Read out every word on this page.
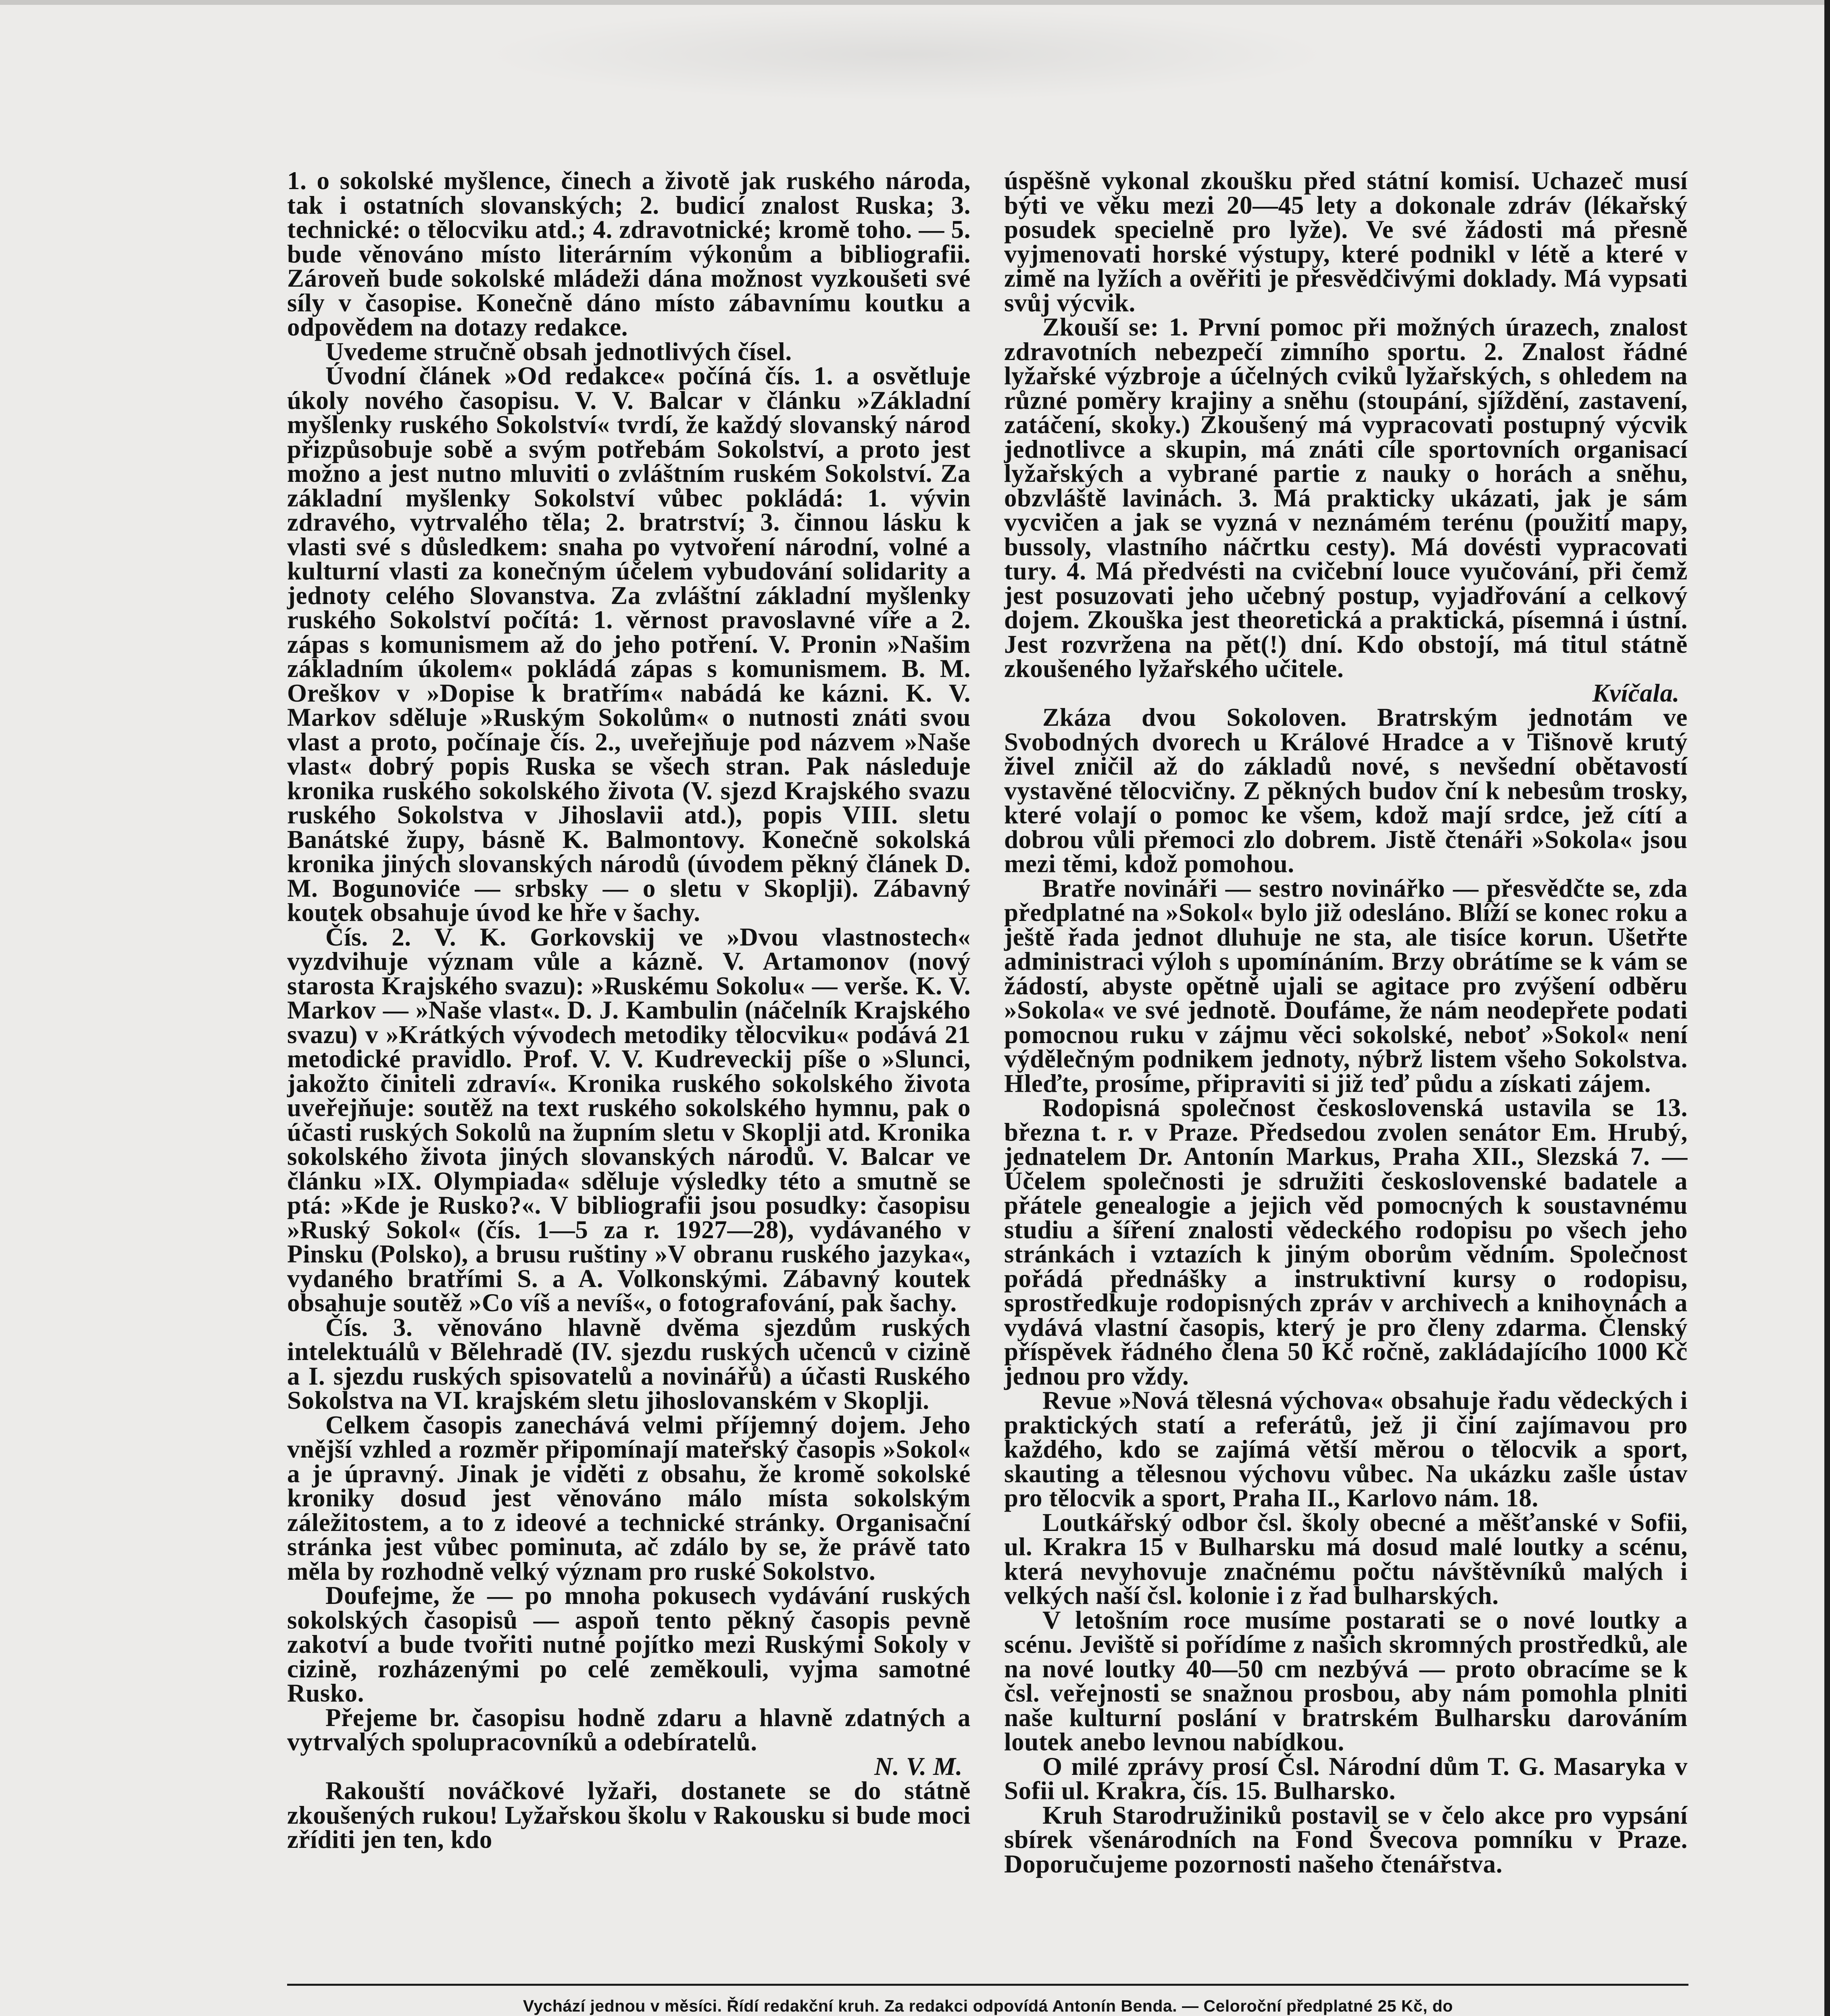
1. o sokolské myšlence, činech a životě jak ruského národa, tak i ostatních slovanských; 2. budicí znalost Ruska; 3. technické: o tělocviku atd.; 4. zdravotnické; kromě toho. — 5. bude věnováno místo literárním výkonům a bibliografii. Zároveň bude sokolské mládeži dána možnost vyzkoušeti své síly v časopise. Konečně dáno místo zábavnímu koutku a odpovědem na dotazy redakce.

Uvedeme stručně obsah jednotlivých čísel.

Úvodní článek »Od redakce« počíná čís. 1. a osvětluje úkoly nového časopisu. V. V. Balcar v článku »Základní myšlenky ruského Sokolství« tvrdí, že každý slovanský národ přizpůsobuje sobě a svým potřebám Sokolství, a proto jest možno a jest nutno mluviti o zvláštním ruském Sokolství. Za základní myšlenky Sokolství vůbec pokládá: 1. vývin zdravého, vytrvalého těla; 2. bratrství; 3. činnou lásku k vlasti své s důsledkem: snaha po vytvoření národní, volné a kulturní vlasti za konečným účelem vybudování solidarity a jednoty celého Slovanstva. Za zvláštní základní myšlenky ruského Sokolství počítá: 1. věrnost pravoslavné víře a 2. zápas s komunismem až do jeho potření. V. Pronin »Našim základním úkolem« pokládá zápas s komunismem. B. M. Oreškov v »Dopise k bratřím« nabádá ke kázni. K. V. Markov sděluje »Ruským Sokolům« o nutnosti znáti svou vlast a proto, počínaje čís. 2., uveřejňuje pod názvem »Naše vlast« dobrý popis Ruska se všech stran. Pak následuje kronika ruského sokolského života (V. sjezd Krajského svazu ruského Sokolstva v Jihoslavii atd.), popis VIII. sletu Banátské župy, básně K. Balmontovy. Konečně sokolská kronika jiných slovanských národů (úvodem pěkný článek D. M. Bogunoviće — srbsky — o sletu v Skoplji). Zábavný koutek obsahuje úvod ke hře v šachy.

Čís. 2. V. K. Gorkovskij ve »Dvou vlastnostech« vyzdvihuje význam vůle a kázně. V. Artamonov (nový starosta Krajského svazu): »Ruskému Sokolu« — verše. K. V. Markov — »Naše vlast«. D. J. Kambulin (náčelník Krajského svazu) v »Krátkých vývodech metodiky tělocviku« podává 21 metodické pravidlo. Prof. V. V. Kudreveckij píše o »Slunci, jakožto činiteli zdraví«. Kronika ruského sokolského života uveřejňuje: soutěž na text ruského sokolského hymnu, pak o účasti ruských Sokolů na župním sletu v Skoplji atd. Kronika sokolského života jiných slovanských národů. V. Balcar ve článku »IX. Olympiada« sděluje výsledky této a smutně se ptá: »Kde je Rusko?«. V bibliografii jsou posudky: časopisu »Ruský Sokol« (čís. 1—5 za r. 1927—28), vydávaného v Pinsku (Polsko), a brusu ruštiny »V obranu ruského jazyka«, vydaného bratřími S. a A. Volkonskými. Zábavný koutek obsahuje soutěž »Co víš a nevíš«, o fotografování, pak šachy.

Čís. 3. věnováno hlavně dvěma sjezdům ruských intelektuálů v Bělehradě (IV. sjezdu ruských učenců v cizině a I. sjezdu ruských spisovatelů a novinářů) a účasti Ruského Sokolstva na VI. krajském sletu jihoslovanském v Skoplji.

Celkem časopis zanechává velmi příjemný dojem. Jeho vnější vzhled a rozměr připomínají mateřský časopis »Sokol« a je úpravný. Jinak je viděti z obsahu, že kromě sokolské kroniky dosud jest věnováno málo místa sokolským záležitostem, a to z ideové a technické stránky. Organisační stránka jest vůbec pominuta, ač zdálo by se, že právě tato měla by rozhodně velký význam pro ruské Sokolstvo.

Doufejme, že — po mnoha pokusech vydávání ruských sokolských časopisů — aspoň tento pěkný časopis pevně zakotví a bude tvořiti nutné pojítko mezi Ruskými Sokoly v cizině, rozházenými po celé zeměkouli, vyjma samotné Rusko.

Přejeme br. časopisu hodně zdaru a hlavně zdatných a vytrvalých spolupracovníků a odebíratelů.

N. V. M.

Rakouští nováčkové lyžaři, dostanete se do státně zkoušených rukou! Lyžařskou školu v Rakousku si bude moci zříditi jen ten, kdo

úspěšně vykonal zkoušku před státní komisí. Uchazeč musí býti ve věku mezi 20—45 lety a dokonale zdráv (lékařský posudek specielně pro lyže). Ve své žádosti má přesně vyjmenovati horské výstupy, které podnikl v létě a které v zimě na lyžích a ověřiti je přesvědčivými doklady. Má vypsati svůj výcvik.

Zkouší se: 1. První pomoc při možných úrazech, znalost zdravotních nebezpečí zimního sportu. 2. Znalost řádné lyžařské výzbroje a účelných cviků lyžařských, s ohledem na různé poměry krajiny a sněhu (stoupání, sjíždění, zastavení, zatáčení, skoky.) Zkoušený má vypracovati postupný výcvik jednotlivce a skupin, má znáti cíle sportovních organisací lyžařských a vybrané partie z nauky o horách a sněhu, obzvláště lavinách. 3. Má prakticky ukázati, jak je sám vycvičen a jak se vyzná v neznámém terénu (použití mapy, bussoly, vlastního náčrtku cesty). Má dovésti vypracovati tury. 4. Má předvésti na cvičební louce vyučování, při čemž jest posuzovati jeho učebný postup, vyjadřování a celkový dojem. Zkouška jest theoretická a praktická, písemná i ústní. Jest rozvržena na pět(!) dní. Kdo obstojí, má titul státně zkoušeného lyžařského učitele.

Kvíčala.

Zkáza dvou Sokoloven. Bratrským jednotám ve Svobodných dvorech u Králové Hradce a v Tišnově krutý živel zničil až do základů nové, s nevšední obětavostí vystavěné tělocvičny. Z pěkných budov ční k nebesům trosky, které volají o pomoc ke všem, kdož mají srdce, jež cítí a dobrou vůli přemoci zlo dobrem. Jistě čtenáři »Sokola« jsou mezi těmi, kdož pomohou.

Bratře novináři — sestro novinářko — přesvědčte se, zda předplatné na »Sokol« bylo již odesláno. Blíží se konec roku a ještě řada jednot dluhuje ne sta, ale tisíce korun. Ušetřte administraci výloh s upomínáním. Brzy obrátíme se k vám se žádostí, abyste opětně ujali se agitace pro zvýšení odběru »Sokola« ve své jednotě. Doufáme, že nám neodepřete podati pomocnou ruku v zájmu věci sokolské, neboť »Sokol« není výdělečným podnikem jednoty, nýbrž listem všeho Sokolstva. Hleďte, prosíme, připraviti si již teď půdu a získati zájem.

Rodopisná společnost československá ustavila se 13. března t. r. v Praze. Předsedou zvolen senátor Em. Hrubý, jednatelem Dr. Antonín Markus, Praha XII., Slezská 7. — Účelem společnosti je sdružiti československé badatele a přátele genealogie a jejich věd pomocných k soustavnému studiu a šíření znalosti vědeckého rodopisu po všech jeho stránkách i vztazích k jiným oborům vědním. Společnost pořádá přednášky a instruktivní kursy o rodopisu, sprostředkuje rodopisných zpráv v archivech a knihovnách a vydává vlastní časopis, který je pro členy zdarma. Členský příspěvek řádného člena 50 Kč ročně, zakládajícího 1000 Kč jednou pro vždy.

Revue »Nová tělesná výchova« obsahuje řadu vědeckých i praktických statí a referátů, jež ji činí zajímavou pro každého, kdo se zajímá větší měrou o tělocvik a sport, skauting a tělesnou výchovu vůbec. Na ukázku zašle ústav pro tělocvik a sport, Praha II., Karlovo nám. 18.

Loutkářský odbor čsl. školy obecné a měšťanské v Sofii, ul. Krakra 15 v Bulharsku má dosud malé loutky a scénu, která nevyhovuje značnému počtu návštěvníků malých i velkých naší čsl. kolonie i z řad bulharských.

V letošním roce musíme postarati se o nové loutky a scénu. Jeviště si pořídíme z našich skromných prostředků, ale na nové loutky 40—50 cm nezbývá — proto obracíme se k čsl. veřejnosti se snažnou prosbou, aby nám pomohla plniti naše kulturní poslání v bratrském Bulharsku darováním loutek anebo levnou nabídkou.

O milé zprávy prosí Čsl. Národní dům T. G. Masaryka v Sofii ul. Krakra, čís. 15. Bulharsko.

Kruh Starodružiniků postavil se v čelo akce pro vypsání sbírek všenárodních na Fond Švecova pomníku v Praze. Doporučujeme pozornosti našeho čtenářstva.

Vychází jednou v měsíci. Řídí redakční kruh. Za redakci odpovídá Antonín Benda. — Celoroční předplatné 25 Kč, do
